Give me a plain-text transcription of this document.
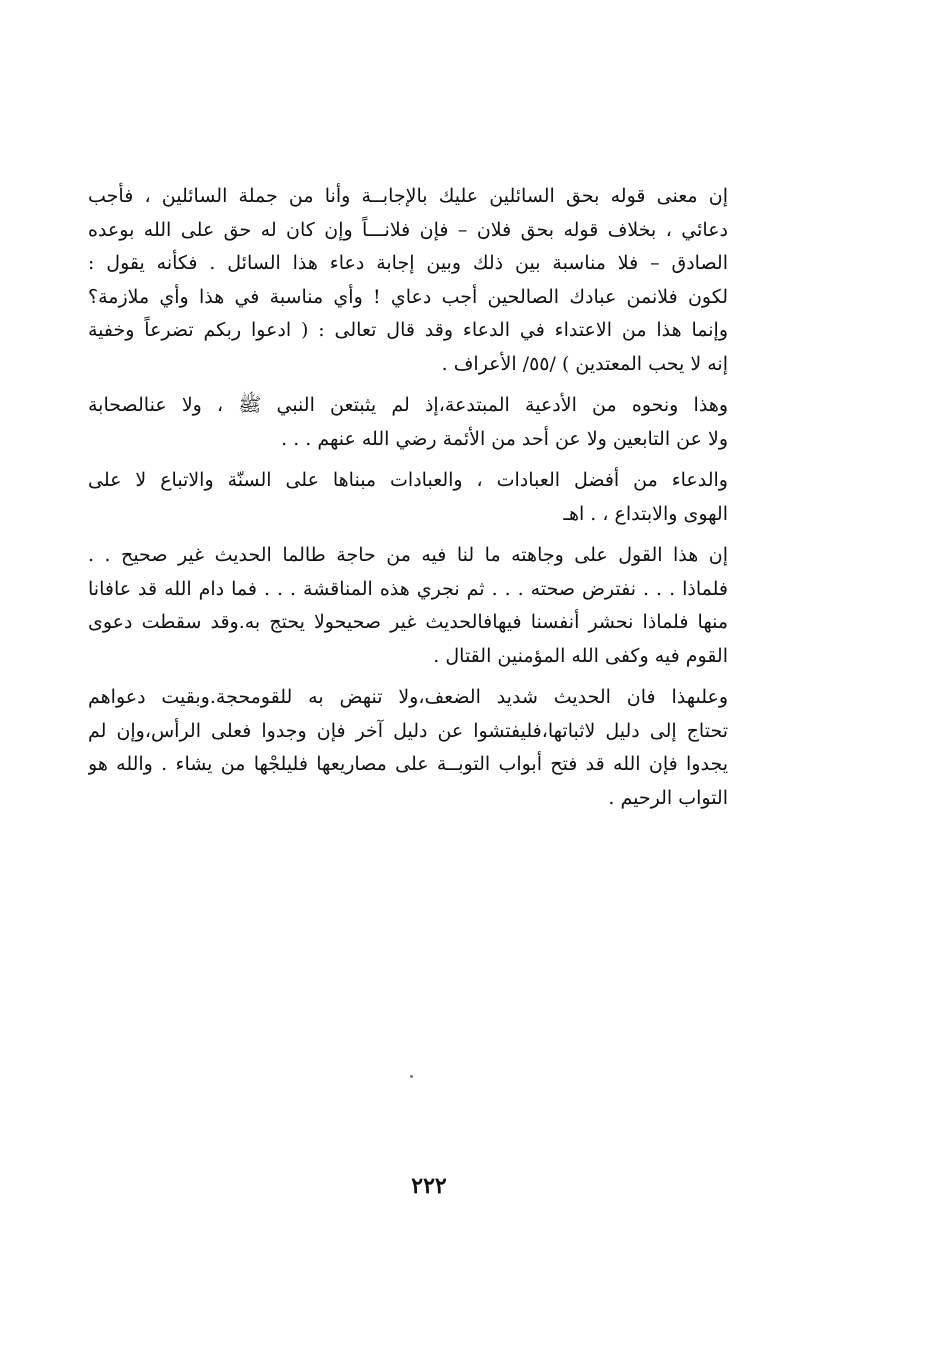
إن معنى قوله بحق السائلين عليك بالإجابــة وأنا من جملة السائلين ، فأجب
دعائي ، بخلاف قوله بحق فلان – فإن فلانـــاً وإن كان له حق على الله بوعده
الصادق – فلا مناسبة بين ذلك وبين إجابة دعاء هذا السائل . فكأنه يقول :
لكون فلانمن عبادك الصالحين أجب دعاي ! وأي مناسبة في هذا وأي ملازمة؟
وإنما هذا من الاعتداء في الدعاء وقد قال تعالى : ( ادعوا ربكم تضرعاً وخفية
إنه لا يحب المعتدين ) /٥٥/ الأعراف .

وهذا ونحوه من الأدعية المبتدعة،إذ لم يثبتعن النبي ﷺ ، ولا عنالصحابة
ولا عن التابعين ولا عن أحد من الأئمة رضي الله عنهم . . .

والدعاء من أفضل العبادات ، والعبادات مبناها على السنّة والاتباع لا على
الهوى والابتداع ، . اهـ

إن هذا القول على وجاهته ما لنا فيه من حاجة طالما الحديث غير صحيح . .
فلماذا . . . نفترض صحته . . . ثم نجري هذه المناقشة . . . فما دام الله قد عافانا
منها فلماذا نحشر أنفسنا فيهافالحديث غير صحيحولا يحتج به.وقد سقطت دعوى
القوم فيه وكفى الله المؤمنين القتال .

وعلىهذا فان الحديث شديد الضعف،ولا تنهض به للقومحجة.وبقيت دعواهم
تحتاج إلى دليل لاثباتها،فليفتشوا عن دليل آخر فإن وجدوا فعلى الرأس،وإن لم
يجدوا فإن الله قد فتح أبواب التوبــة على مصاريعها فليلجْها من يشاء . والله هو
التواب الرحيم .

٢٢٢
